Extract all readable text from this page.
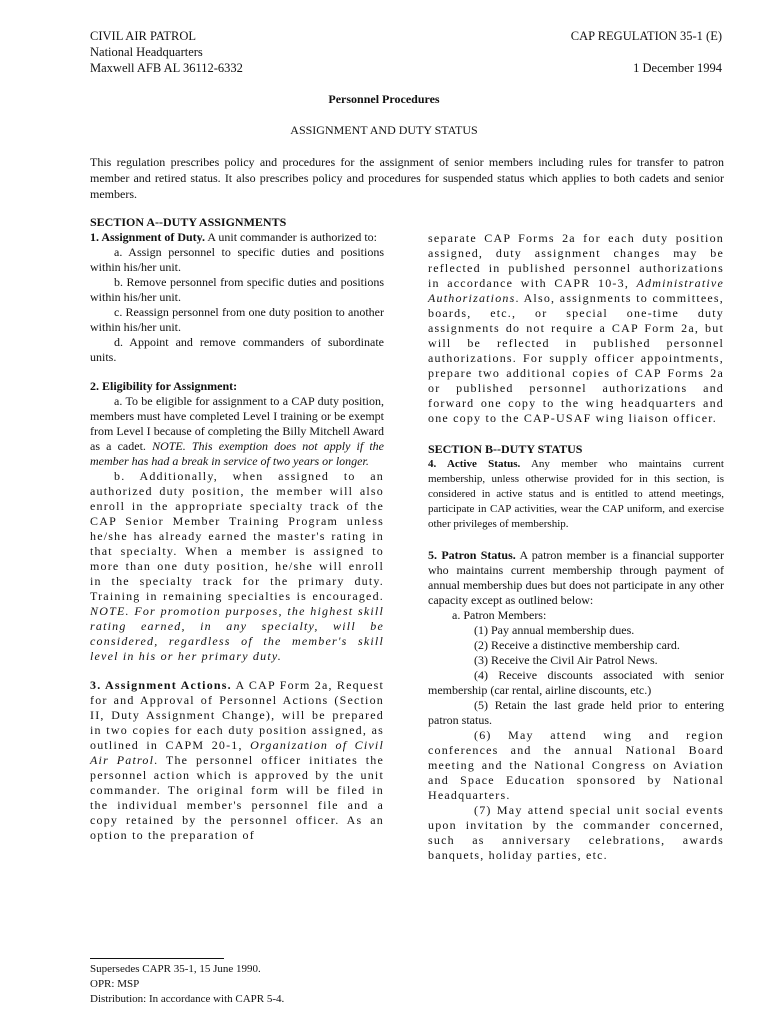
CIVIL AIR PATROL
National Headquarters
Maxwell AFB AL 36112-6332
CAP REGULATION 35-1 (E)
1 December 1994
Personnel Procedures
ASSIGNMENT AND DUTY STATUS
This regulation prescribes policy and procedures for the assignment of senior members including rules for transfer to patron member and retired status. It also prescribes policy and procedures for suspended status which applies to both cadets and senior members.

SECTION A--DUTY ASSIGNMENTS

1. Assignment of Duty. A unit commander is authorized to:

a. Assign personnel to specific duties and positions within his/her unit.

b. Remove personnel from specific duties and positions within his/her unit.

c. Reassign personnel from one duty position to another within his/her unit.

d. Appoint and remove commanders of subordinate units.

2. Eligibility for Assignment:

a. To be eligible for assignment to a CAP duty position, members must have completed Level I training or be exempt from Level I because of completing the Billy Mitchell Award as a cadet. NOTE. This exemption does not apply if the member has had a break in service of two years or longer.

b. Additionally, when assigned to an authorized duty position, the member will also enroll in the appropriate specialty track of the CAP Senior Member Training Program unless he/she has already earned the master's rating in that specialty. When a member is assigned to more than one duty position, he/she will enroll in the specialty track for the primary duty. Training in remaining specialties is encouraged. NOTE. For promotion purposes, the highest skill rating earned, in any specialty, will be considered, regardless of the member's skill level in his or her primary duty.

3. Assignment Actions. A CAP Form 2a, Request for and Approval of Personnel Actions (Section II, Duty Assignment Change), will be prepared in two copies for each duty position assigned, as outlined in CAPM 20-1, Organization of Civil Air Patrol. The personnel officer initiates the personnel action which is approved by the unit commander. The original form will be filed in the individual member's personnel file and a copy retained by the personnel officer. As an option to the preparation of

separate CAP Forms 2a for each duty position assigned, duty assignment changes may be reflected in published personnel authorizations in accordance with CAPR 10-3, Administrative Authorizations. Also, assignments to committees, boards, etc., or special one-time duty assignments do not require a CAP Form 2a, but will be reflected in published personnel authorizations. For supply officer appointments, prepare two additional copies of CAP Forms 2a or published personnel authorizations and forward one copy to the wing headquarters and one copy to the CAP-USAF wing liaison officer.

SECTION B--DUTY STATUS

4. Active Status. Any member who maintains current membership, unless otherwise provided for in this section, is considered in active status and is entitled to attend meetings, participate in CAP activities, wear the CAP uniform, and exercise other privileges of membership.

5. Patron Status. A patron member is a financial supporter who maintains current membership through payment of annual membership dues but does not participate in any other capacity except as outlined below:

a. Patron Members:

(1) Pay annual membership dues.

(2) Receive a distinctive membership card.

(3) Receive the Civil Air Patrol News.

(4) Receive discounts associated with senior membership (car rental, airline discounts, etc.)

(5) Retain the last grade held prior to entering patron status.

(6) May attend wing and region conferences and the annual National Board meeting and the National Congress on Aviation and Space Education sponsored by National Headquarters.

(7) May attend special unit social events upon invitation by the commander concerned, such as anniversary celebrations, awards banquets, holiday parties, etc.

Supersedes CAPR 35-1, 15 June 1990.
OPR: MSP
Distribution: In accordance with CAPR 5-4.
